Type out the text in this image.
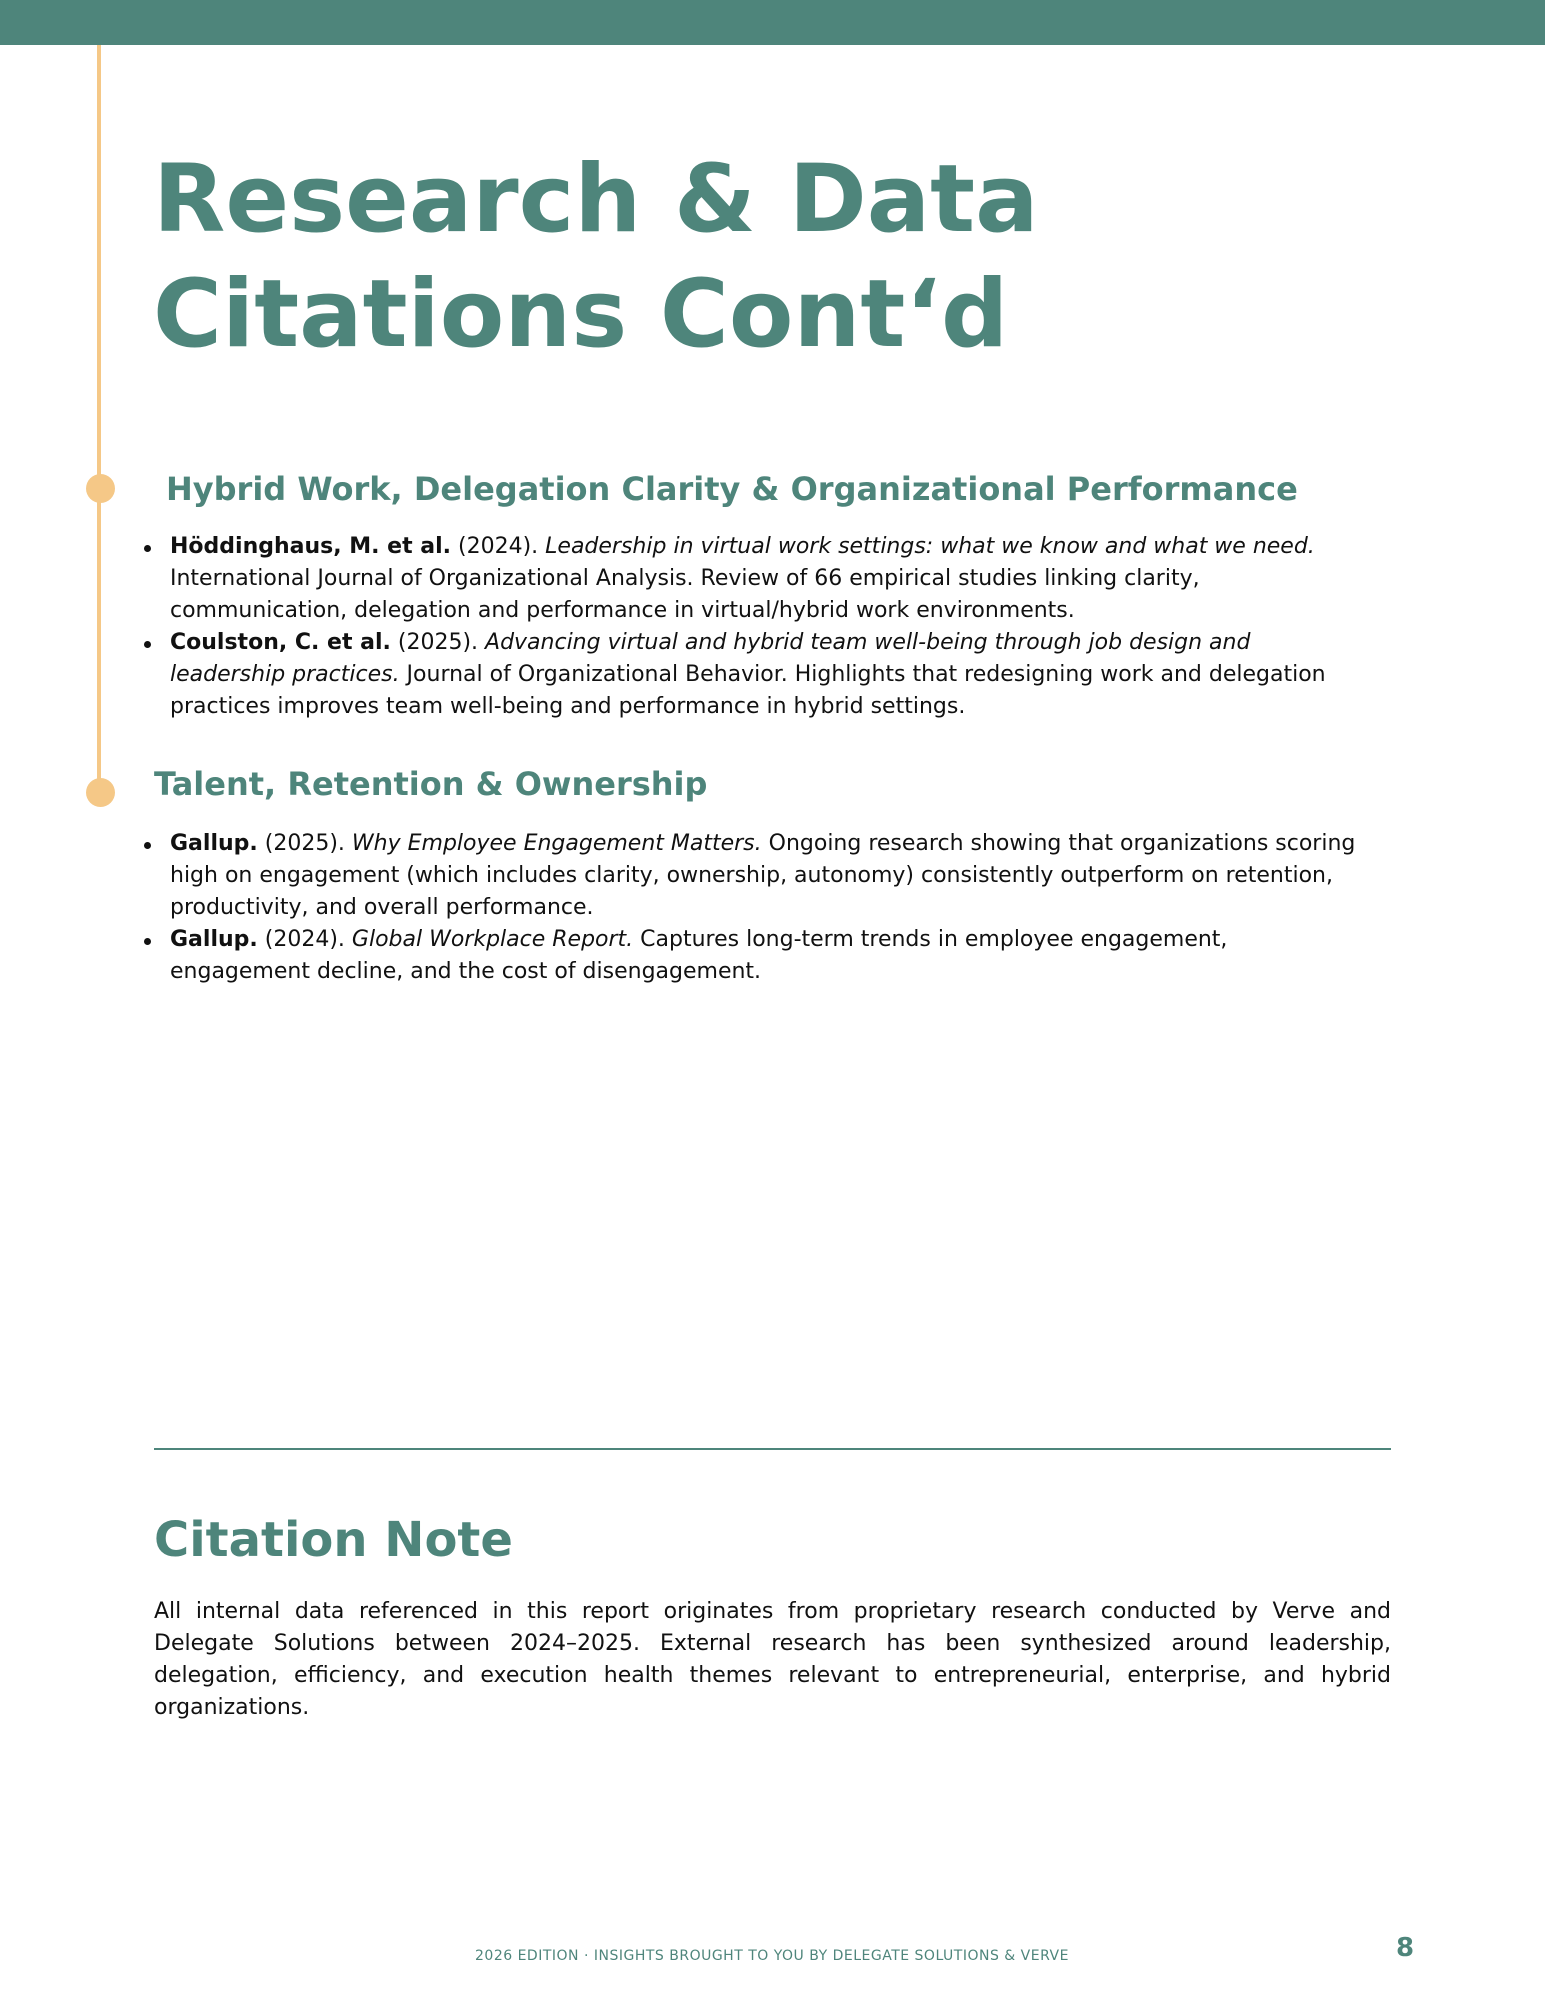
Research & Data
Citations Cont‘d
Hybrid Work, Delegation Clarity & Organizational Performance
Höddinghaus, M. et al. (2024). Leadership in virtual work settings: what we know and what we need. International Journal of Organizational Analysis. Review of 66 empirical studies linking clarity, communication, delegation and performance in virtual/hybrid work environments.
Coulston, C. et al. (2025). Advancing virtual and hybrid team well-being through job design and leadership practices. Journal of Organizational Behavior. Highlights that redesigning work and delegation practices improves team well-being and performance in hybrid settings.
Talent, Retention & Ownership
Gallup. (2025). Why Employee Engagement Matters. Ongoing research showing that organizations scoring high on engagement (which includes clarity, ownership, autonomy) consistently outperform on retention, productivity, and overall performance.
Gallup. (2024). Global Workplace Report. Captures long-term trends in employee engagement, engagement decline, and the cost of disengagement.
Citation Note

All internal data referenced in this report originates from proprietary research conducted by Verve and Delegate Solutions between 2024–2025. External research has been synthesized around leadership, delegation, efficiency, and execution health themes relevant to entrepreneurial, enterprise, and hybrid organizations.

2026 EDITION · INSIGHTS BROUGHT TO YOU BY DELEGATE SOLUTIONS & VERVE	8
